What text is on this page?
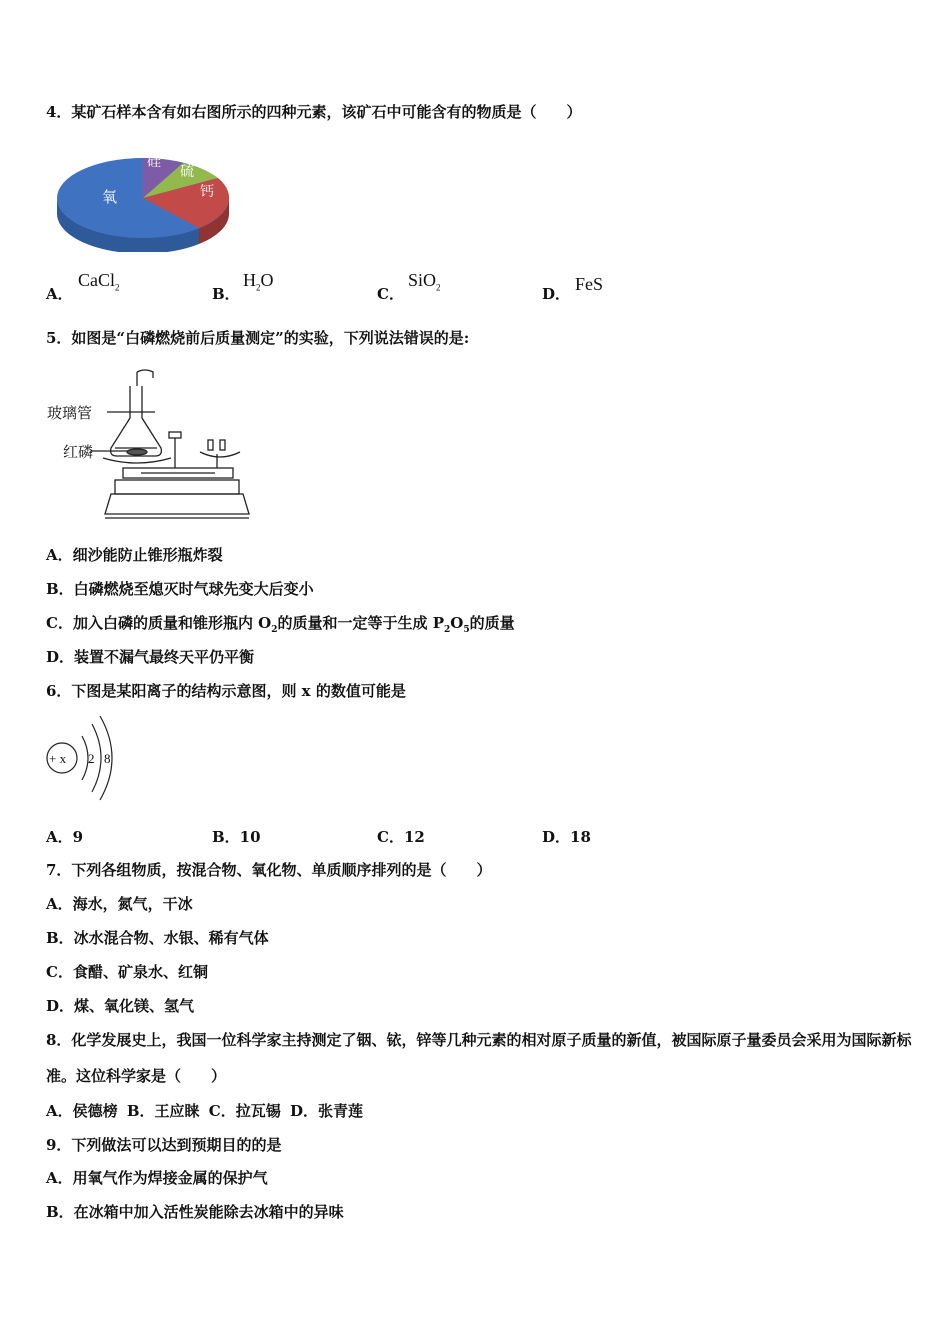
4．某矿石样本含有如右图所示的四种元素，该矿石中可能含有的物质是（　　）
氧
硅
硫
钙
A．
CaCl$_2$	B．
$H_2O$
C．
SiO$_2$	D． FeS
5．如图是“白磷燃烧前后质量测定”的实验，下列说法错误的是:
玻璃管
红磷
A．细沙能防止锥形瓶炸裂
B．白磷燃烧至熄灭时气球先变大后变小
C．加入白磷的质量和锥形瓶内 $O_2$的质量和一定等于生成 $P_2O_5$的质量
D．装置不漏气最终天平仍平衡
6．下图是某阳离子的结构示意图，则 x 的数值可能是
+ x 2 8
A．9	B．10	C．12	D．18
7．下列各组物质，按混合物、氧化物、单质顺序排列的是（　　）
A．海水，氮气，干冰
B．冰水混合物、水银、稀有气体
C．食醋、矿泉水、红铜
D．煤、氧化镁、氢气
8．化学发展史上，我国一位科学家主持测定了铟、铱，锌等几种元素的相对原子质量的新值，被国际原子量委员会采用为国际新标准。这位科学家是（　　）
A．侯德榜 B．王应睐 C．拉瓦锡 D．张青莲
9．下列做法可以达到预期目的的是
A．用氧气作为焊接金属的保护气
B．在冰箱中加入活性炭能除去冰箱中的异味
